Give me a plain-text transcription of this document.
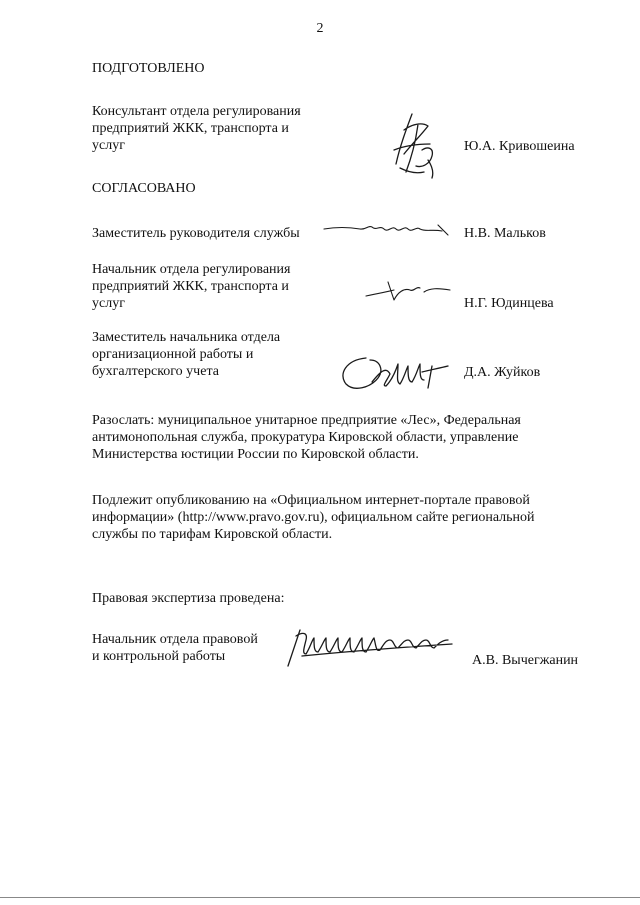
2
ПОДГОТОВЛЕНО
Консультант отдела регулирования
предприятий ЖКК, транспорта и
услуг	Ю.А. Кривошеина
СОГЛАСОВАНО
Заместитель руководителя службы	Н.В. Мальков
Начальник отдела регулирования
предприятий ЖКК, транспорта и
услуг	Н.Г. Юдинцева
Заместитель начальника отдела
организационной работы и
бухгалтерского учета	Д.А. Жуйков
Разослать: муниципальное унитарное предприятие «Лес», Федеральная
антимонопольная служба, прокуратура Кировской области, управление
Министерства юстиции России по Кировской области.
Подлежит опубликованию на «Официальном интернет-портале правовой
информации» (http://www.pravo.gov.ru), официальном сайте региональной
службы по тарифам Кировской области.
Правовая экспертиза проведена:
Начальник отдела правовой
и контрольной работы	А.В. Вычегжанин
